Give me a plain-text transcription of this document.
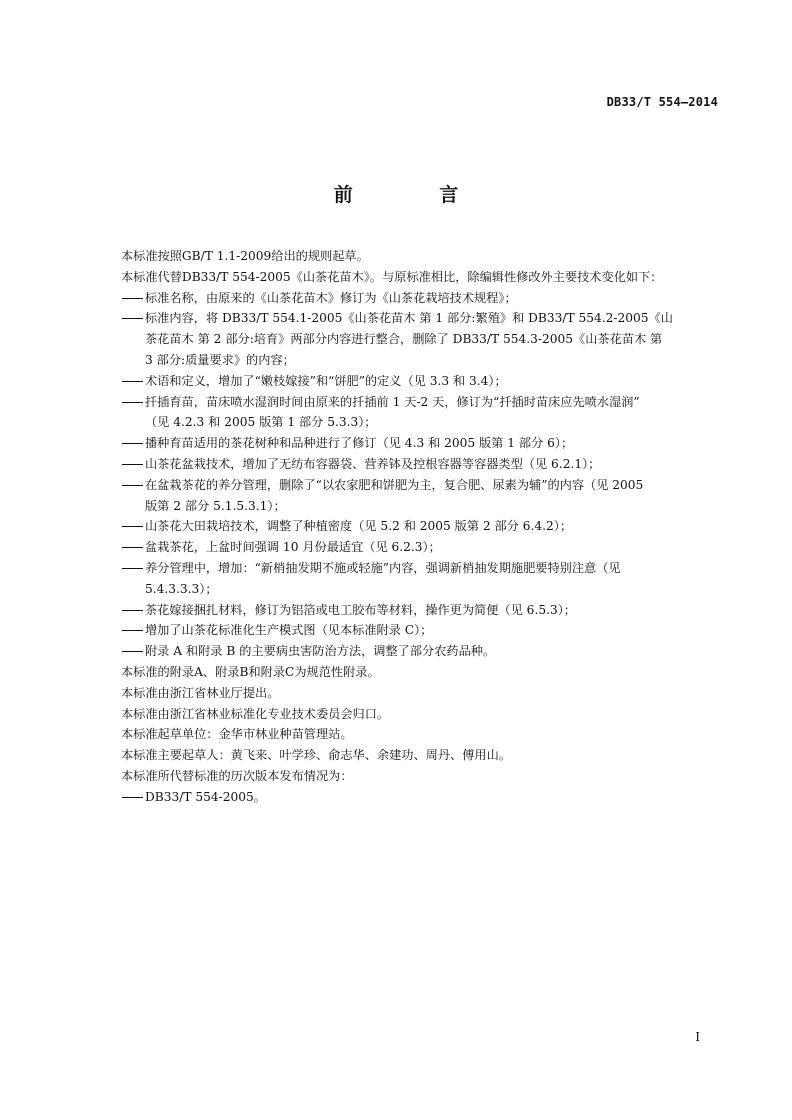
DB33/T 554—2014
前 言
本标准按照GB/T 1.1-2009给出的规则起草。
本标准代替DB33/T 554-2005《山茶花苗木》。与原标准相比，除编辑性修改外主要技术变化如下：
标准名称，由原来的《山茶花苗木》修订为《山茶花栽培技术规程》；
标准内容，将 DB33/T 554.1-2005《山茶花苗木 第 1 部分:繁殖》和 DB33/T 554.2-2005《山
茶花苗木 第 2 部分:培育》两部分内容进行整合，删除了 DB33/T 554.3-2005《山茶花苗木 第
3 部分:质量要求》的内容；
术语和定义，增加了“嫩枝嫁接”和“饼肥”的定义（见 3.3 和 3.4）；
扦插育苗，苗床喷水湿润时间由原来的扦插前 1 天-2 天，修订为“扦插时苗床应先喷水湿润”
（见 4.2.3 和 2005 版第 1 部分 5.3.3）；
播种育苗适用的茶花树种和品种进行了修订（见 4.3 和 2005 版第 1 部分 6）；
山茶花盆栽技术，增加了无纺布容器袋、营养钵及控根容器等容器类型（见 6.2.1）；
在盆栽茶花的养分管理，删除了“以农家肥和饼肥为主，复合肥、尿素为辅”的内容（见 2005
版第 2 部分 5.1.5.3.1）；
山茶花大田栽培技术，调整了种植密度（见 5.2 和 2005 版第 2 部分 6.4.2）；
盆栽茶花，上盆时间强调 10 月份最适宜（见 6.2.3）；
养分管理中，增加：“新梢抽发期不施或轻施”内容，强调新梢抽发期施肥要特别注意（见
5.4.3.3.3）；
茶花嫁接捆扎材料，修订为铝箔或电工胶布等材料，操作更为简便（见 6.5.3）；
增加了山茶花标准化生产模式图（见本标准附录 C）；
附录 A 和附录 B 的主要病虫害防治方法，调整了部分农药品种。
本标准的附录A、附录B和附录C为规范性附录。
本标准由浙江省林业厅提出。
本标准由浙江省林业标准化专业技术委员会归口。
本标准起草单位：金华市林业种苗管理站。
本标准主要起草人：黄飞来、叶学珍、俞志华、余建功、周丹、傅用山。
本标准所代替标准的历次版本发布情况为：
DB33/T 554-2005。
I
